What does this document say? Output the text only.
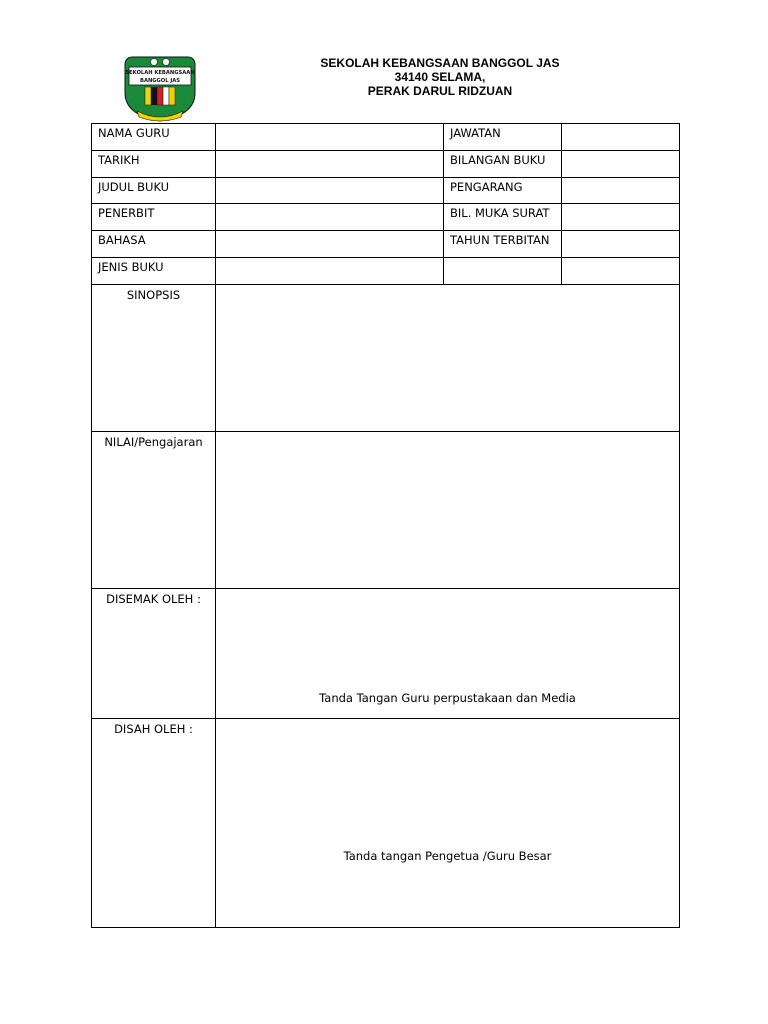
SEKOLAH KEBANGSAAN
BANGGOL JAS
SEKOLAH KEBANGSAAN BANGGOL JAS
34140 SELAMA,
PERAK DARUL RIDZUAN
NAMA GURU		JAWATAN	
TARIKH		BILANGAN BUKU	
JUDUL BUKU		PENGARANG	
PENERBIT		BIL. MUKA SURAT	
BAHASA		TAHUN TERBITAN	
JENIS BUKU			
SINOPSIS			
NILAI/Pengajaran			
DISEMAK OLEH :	Tanda Tangan Guru perpustakaan dan Media		

DISAH OLEH :	Tanda tangan Pengetua /Guru Besar		
